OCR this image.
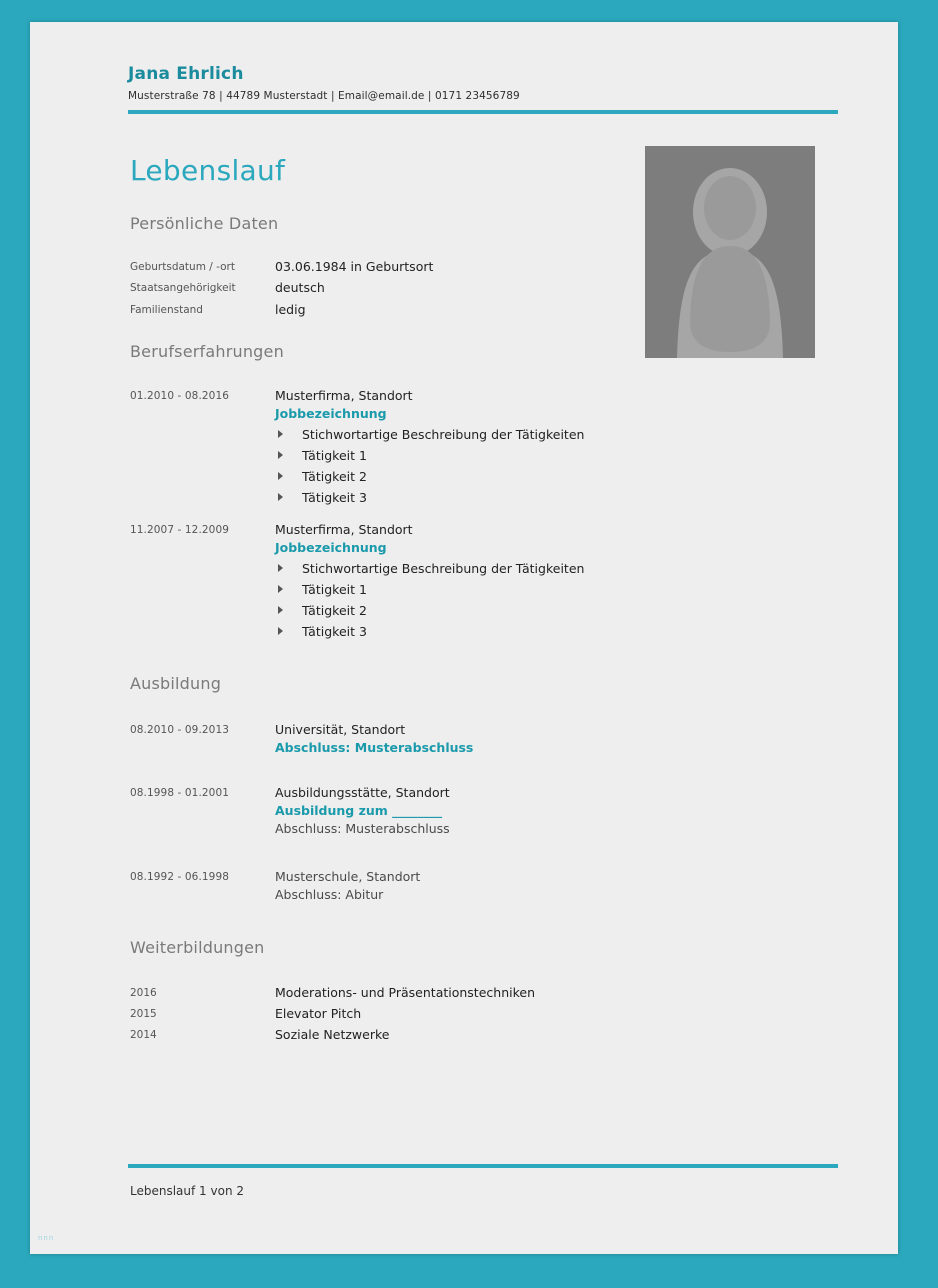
Jana Ehrlich
Musterstraße 78 | 44789 Musterstadt | Email@email.de | 0171 23456789
Lebenslauf
Persönliche Daten
Geburtsdatum / -ort	03.06.1984 in Geburtsort
Staatsangehörigkeit	deutsch
Familienstand	ledig
Berufserfahrungen
01.2010 - 08.2016	Musterfirma, Standort
Jobbezeichnung
Stichwortartige Beschreibung der Tätigkeiten
Tätigkeit 1
Tätigkeit 2
Tätigkeit 3
11.2007 - 12.2009	Musterfirma, Standort
Jobbezeichnung
Stichwortartige Beschreibung der Tätigkeiten
Tätigkeit 1
Tätigkeit 2
Tätigkeit 3
Ausbildung
08.2010 - 09.2013	Universität, Standort
Abschluss: Musterabschluss
08.1998 - 01.2001	Ausbildungsstätte, Standort
Ausbildung zum ________
Abschluss: Musterabschluss
08.1992 - 06.1998	Musterschule, Standort
Abschluss: Abitur
Weiterbildungen
2016	Moderations- und Präsentationstechniken
2015	Elevator Pitch
2014	Soziale Netzwerke
Lebenslauf 1 von 2
nnn
